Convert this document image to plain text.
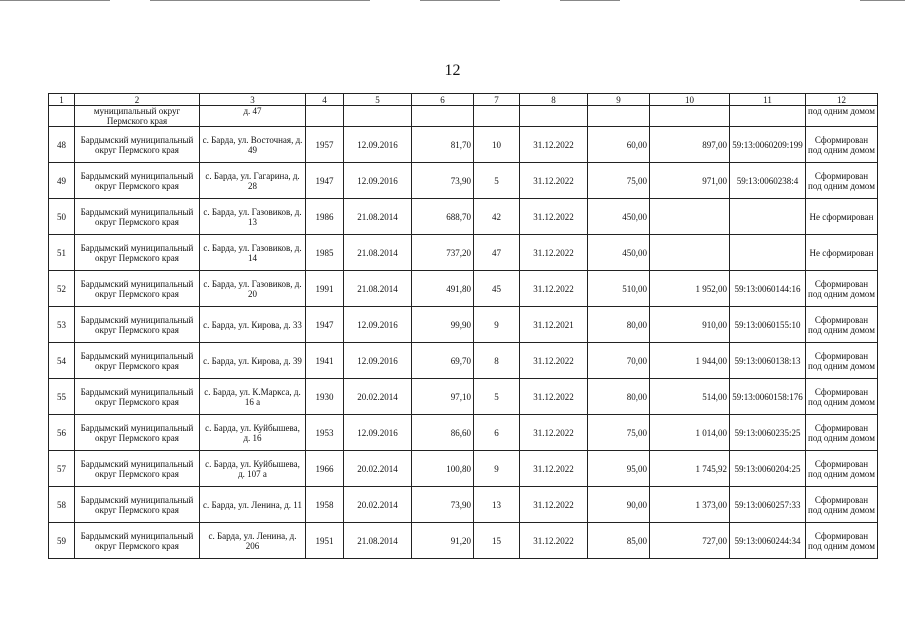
12
1	2	3	4	5	6	7	8	9	10	11	12
	муниципальный округ Пермского края	д. 47									под одним домом
48	Бардымский муниципальный округ Пермского края	с. Барда, ул. Восточная, д. 49	1957	12.09.2016	81,70	10	31.12.2022	60,00	897,00	59:13:0060209:199	Сформирован под одним домом
49	Бардымский муниципальный округ Пермского края	с. Барда, ул. Гагарина, д. 28	1947	12.09.2016	73,90	5	31.12.2022	75,00	971,00	59:13:0060238:4	Сформирован под одним домом
50	Бардымский муниципальный округ Пермского края	с. Барда, ул. Газовиков, д. 13	1986	21.08.2014	688,70	42	31.12.2022	450,00			Не сформирован
51	Бардымский муниципальный округ Пермского края	с. Барда, ул. Газовиков, д. 14	1985	21.08.2014	737,20	47	31.12.2022	450,00			Не сформирован
52	Бардымский муниципальный округ Пермского края	с. Барда, ул. Газовиков, д. 20	1991	21.08.2014	491,80	45	31.12.2022	510,00	1 952,00	59:13:0060144:16	Сформирован под одним домом
53	Бардымский муниципальный округ Пермского края	с. Барда, ул. Кирова, д. 33	1947	12.09.2016	99,90	9	31.12.2021	80,00	910,00	59:13:0060155:10	Сформирован под одним домом
54	Бардымский муниципальный округ Пермского края	с. Барда, ул. Кирова, д. 39	1941	12.09.2016	69,70	8	31.12.2022	70,00	1 944,00	59:13:0060138:13	Сформирован под одним домом
55	Бардымский муниципальный округ Пермского края	с. Барда, ул. К.Маркса, д. 16 а	1930	20.02.2014	97,10	5	31.12.2022	80,00	514,00	59:13:0060158:176	Сформирован под одним домом
56	Бардымский муниципальный округ Пермского края	с. Барда, ул. Куйбышева, д. 16	1953	12.09.2016	86,60	6	31.12.2022	75,00	1 014,00	59:13:0060235:25	Сформирован под одним домом
57	Бардымский муниципальный округ Пермского края	с. Барда, ул. Куйбышева, д. 107 а	1966	20.02.2014	100,80	9	31.12.2022	95,00	1 745,92	59:13:0060204:25	Сформирован под одним домом
58	Бардымский муниципальный округ Пермского края	с. Барда, ул. Ленина, д. 11	1958	20.02.2014	73,90	13	31.12.2022	90,00	1 373,00	59:13:0060257:33	Сформирован под одним домом
59	Бардымский муниципальный округ Пермского края	с. Барда, ул. Ленина, д. 206	1951	21.08.2014	91,20	15	31.12.2022	85,00	727,00	59:13:0060244:34	Сформирован под одним домом
